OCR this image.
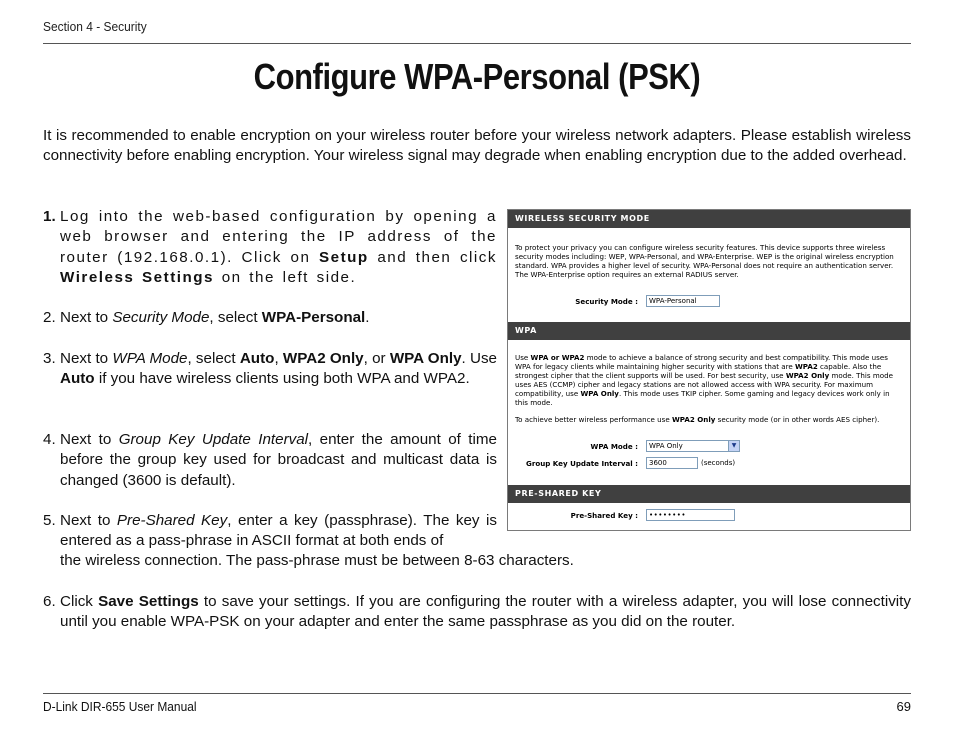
Section 4 - Security
Configure WPA-Personal (PSK)
It is recommended to enable encryption on your wireless router before your wireless network adapters. Please establish wireless connectivity before enabling encryption. Your wireless signal may degrade when enabling encryption due to the added overhead.
1. Log into the web-based configuration by opening a web browser and entering the IP address of the router (192.168.0.1). Click on Setup and then click Wireless Settings on the left side.
2. Next to Security Mode, select WPA-Personal.
3. Next to WPA Mode, select Auto, WPA2 Only, or WPA Only. Use Auto if you have wireless clients using both WPA and WPA2.
4. Next to Group Key Update Interval, enter the amount of time before the group key used for broadcast and multicast data is changed (3600 is default).
5. Next to Pre-Shared Key, enter a key (passphrase). The key is entered as a pass-phrase in ASCII format at both ends of
the wireless connection. The pass-phrase must be between 8-63 characters.
6. Click Save Settings to save your settings. If you are configuring the router with a wireless adapter, you will lose connectivity until you enable WPA-PSK on your adapter and enter the same passphrase as you did on the router.
WIRELESS SECURITY MODE
To protect your privacy you can configure wireless security features. This device supports three wireless security modes including: WEP, WPA-Personal, and WPA-Enterprise. WEP is the original wireless encryption standard. WPA provides a higher level of security. WPA-Personal does not require an authentication server. The WPA-Enterprise option requires an external RADIUS server.
Security Mode :	WPA-Personal
WPA
Use WPA or WPA2 mode to achieve a balance of strong security and best compatibility. This mode uses WPA for legacy clients while maintaining higher security with stations that are WPA2 capable. Also the strongest cipher that the client supports will be used. For best security, use WPA2 Only mode. This mode uses AES (CCMP) cipher and legacy stations are not allowed access with WPA security. For maximum compatibility, use WPA Only. This mode uses TKIP cipher. Some gaming and legacy devices work only in this mode.
To achieve better wireless performance use WPA2 Only security mode (or in other words AES cipher).
WPA Mode :	WPA Only	▼
Group Key Update Interval :	3600	(seconds)
PRE-SHARED KEY
Pre-Shared Key :	••••••••
D-Link DIR-655 User Manual	69
